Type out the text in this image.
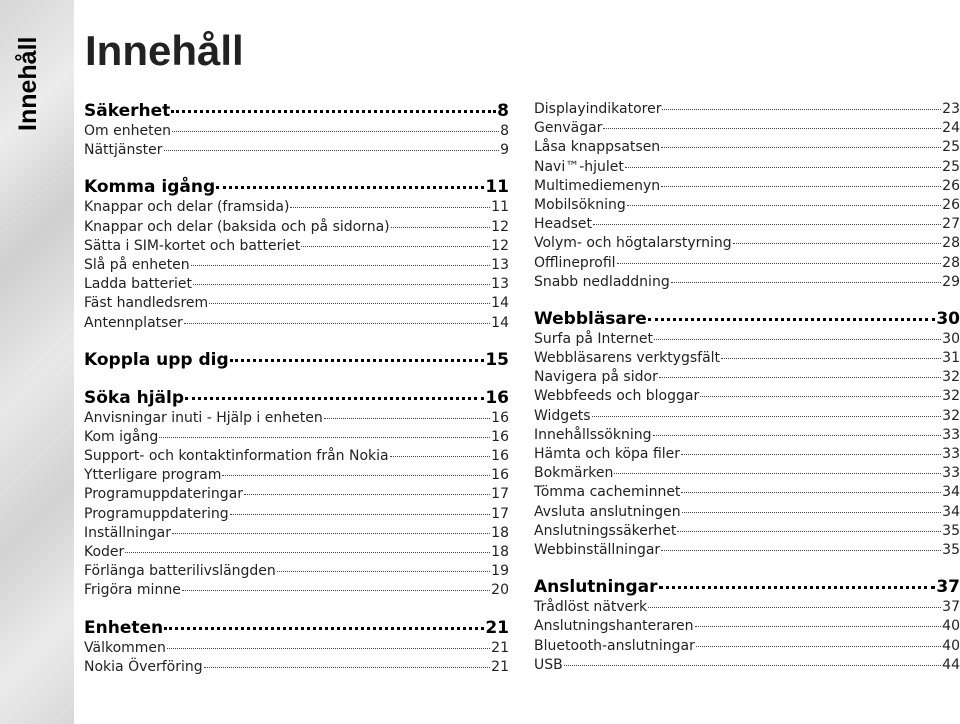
Innehåll Innehåll
Säkerhet	8
Om enheten	8
Nättjänster	9
Komma igång	11
Knappar och delar (framsida)	11
Knappar och delar (baksida och på sidorna)	12
Sätta i SIM-kortet och batteriet	12
Slå på enheten	13
Ladda batteriet	13
Fäst handledsrem	14
Antennplatser	14
Koppla upp dig	15
Söka hjälp	16
Anvisningar inuti - Hjälp i enheten	16
Kom igång	16
Support- och kontaktinformation från Nokia	16
Ytterligare program	16
Programuppdateringar	17
Programuppdatering	17
Inställningar	18
Koder	18
Förlänga batterilivslängden	19
Frigöra minne	20
Enheten	21
Välkommen	21
Nokia Överföring	21
Displayindikatorer	23
Genvägar	24
Låsa knappsatsen	25
Navi™-hjulet	25
Multimediemenyn	26
Mobilsökning	26
Headset	27
Volym- och högtalarstyrning	28
Offlineprofil	28
Snabb nedladdning	29
Webbläsare	30
Surfa på Internet	30
Webbläsarens verktygsfält	31
Navigera på sidor	32
Webbfeeds och bloggar	32
Widgets	32
Innehållssökning	33
Hämta och köpa filer	33
Bokmärken	33
Tömma cacheminnet	34
Avsluta anslutningen	34
Anslutningssäkerhet	35
Webbinställningar	35
Anslutningar	37
Trådlöst nätverk	37
Anslutningshanteraren	40
Bluetooth-anslutningar	40
USB	44
